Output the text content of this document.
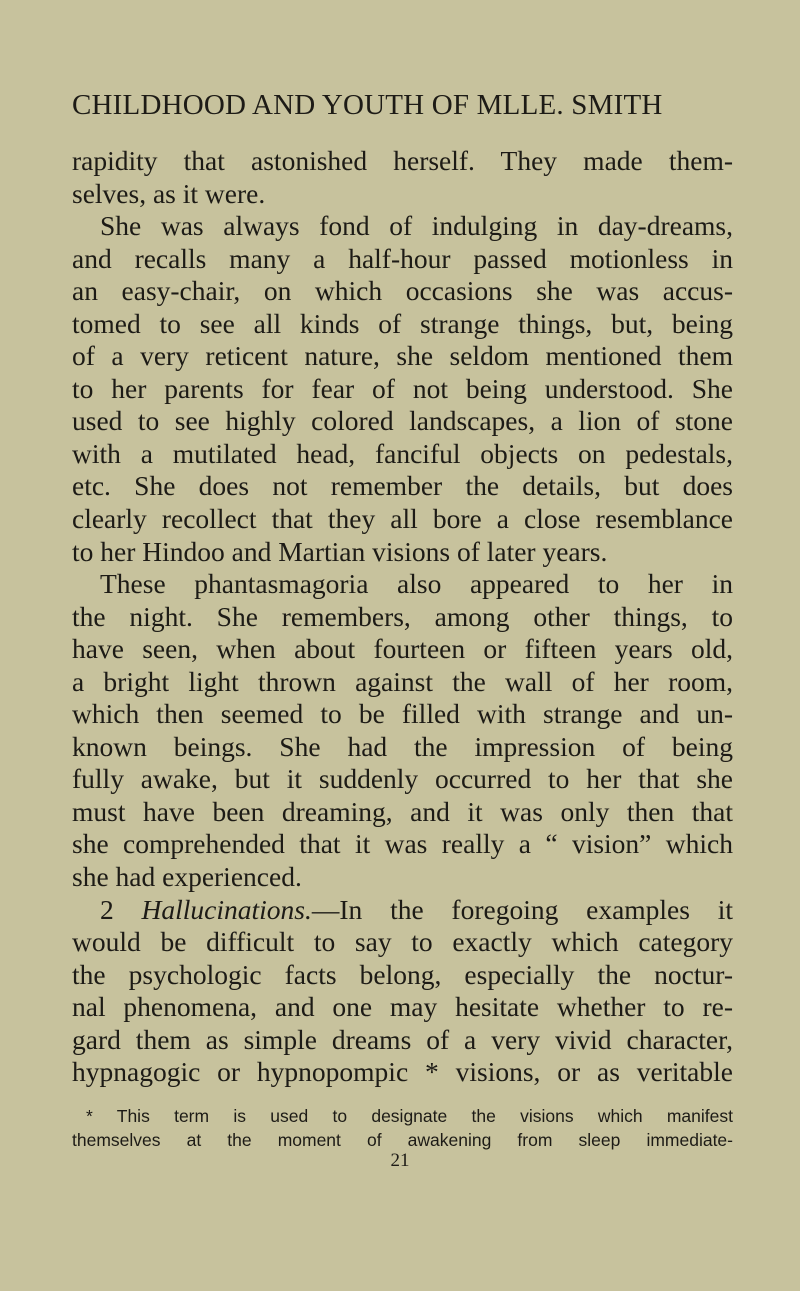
CHILDHOOD AND YOUTH OF MLLE. SMITH
rapidity that astonished herself. They made them-
selves, as it were.
She was always fond of indulging in day-dreams,
and recalls many a half-hour passed motionless in
an easy-chair, on which occasions she was accus-
tomed to see all kinds of strange things, but, being
of a very reticent nature, she seldom mentioned them
to her parents for fear of not being understood. She
used to see highly colored landscapes, a lion of stone
with a mutilated head, fanciful objects on pedestals,
etc. She does not remember the details, but does
clearly recollect that they all bore a close resemblance
to her Hindoo and Martian visions of later years.
These phantasmagoria also appeared to her in
the night. She remembers, among other things, to
have seen, when about fourteen or fifteen years old,
a bright light thrown against the wall of her room,
which then seemed to be filled with strange and un-
known beings. She had the impression of being
fully awake, but it suddenly occurred to her that she
must have been dreaming, and it was only then that
she comprehended that it was really a “ vision” which
she had experienced.
2 Hallucinations.—In the foregoing examples it
would be difficult to say to exactly which category
the psychologic facts belong, especially the noctur-
nal phenomena, and one may hesitate whether to re-
gard them as simple dreams of a very vivid character,
hypnagogic or hypnopompic * visions, or as veritable
* This term is used to designate the visions which manifest
themselves at the moment of awakening from sleep immediate-
21
